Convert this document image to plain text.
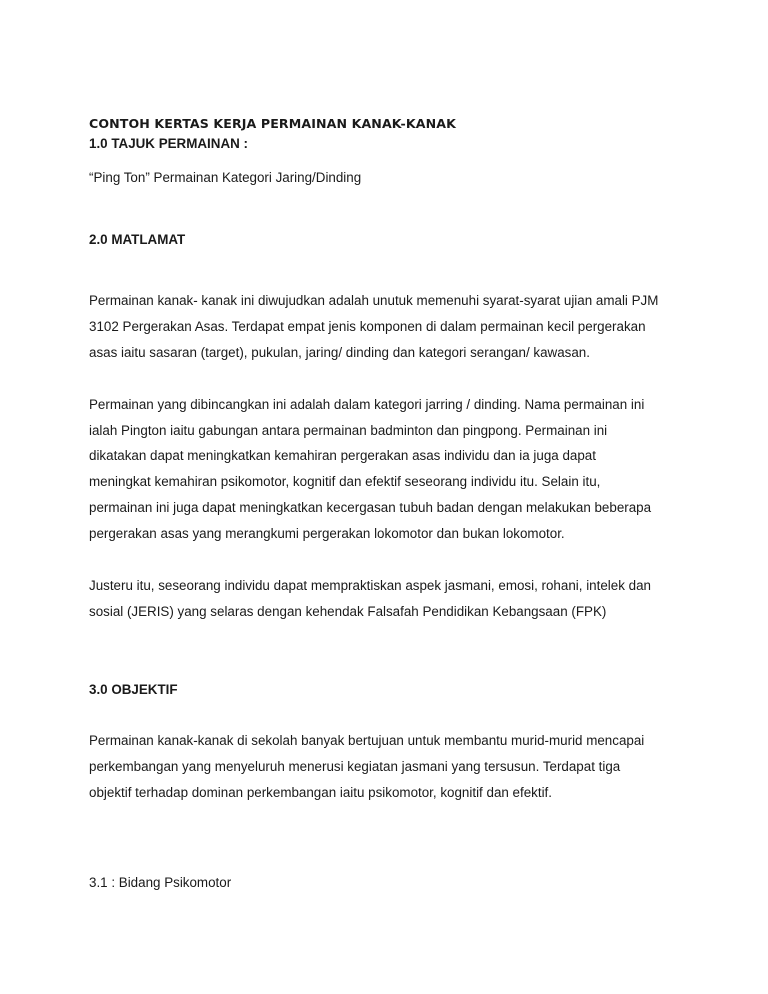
CONTOH KERTAS KERJA PERMAINAN KANAK-KANAK
1.0 TAJUK PERMAINAN :
“Ping Ton” Permainan Kategori Jaring/Dinding
2.0 MATLAMAT
Permainan kanak- kanak ini diwujudkan adalah unutuk memenuhi syarat-syarat ujian amali PJM
3102 Pergerakan Asas. Terdapat empat jenis komponen di dalam permainan kecil pergerakan
asas iaitu sasaran (target), pukulan, jaring/ dinding dan kategori serangan/ kawasan.
Permainan yang dibincangkan ini adalah dalam kategori jarring / dinding. Nama permainan ini
ialah Pington iaitu gabungan antara permainan badminton dan pingpong. Permainan ini
dikatakan dapat meningkatkan kemahiran pergerakan asas individu dan ia juga dapat
meningkat kemahiran psikomotor, kognitif dan efektif seseorang individu itu. Selain itu,
permainan ini juga dapat meningkatkan kecergasan tubuh badan dengan melakukan beberapa
pergerakan asas yang merangkumi pergerakan lokomotor dan bukan lokomotor.
Justeru itu, seseorang individu dapat mempraktiskan aspek jasmani, emosi, rohani, intelek dan
sosial (JERIS) yang selaras dengan kehendak Falsafah Pendidikan Kebangsaan (FPK)
3.0 OBJEKTIF
Permainan kanak-kanak di sekolah banyak bertujuan untuk membantu murid-murid mencapai
perkembangan yang menyeluruh menerusi kegiatan jasmani yang tersusun. Terdapat tiga
objektif terhadap dominan perkembangan iaitu psikomotor, kognitif dan efektif.
3.1 : Bidang Psikomotor
